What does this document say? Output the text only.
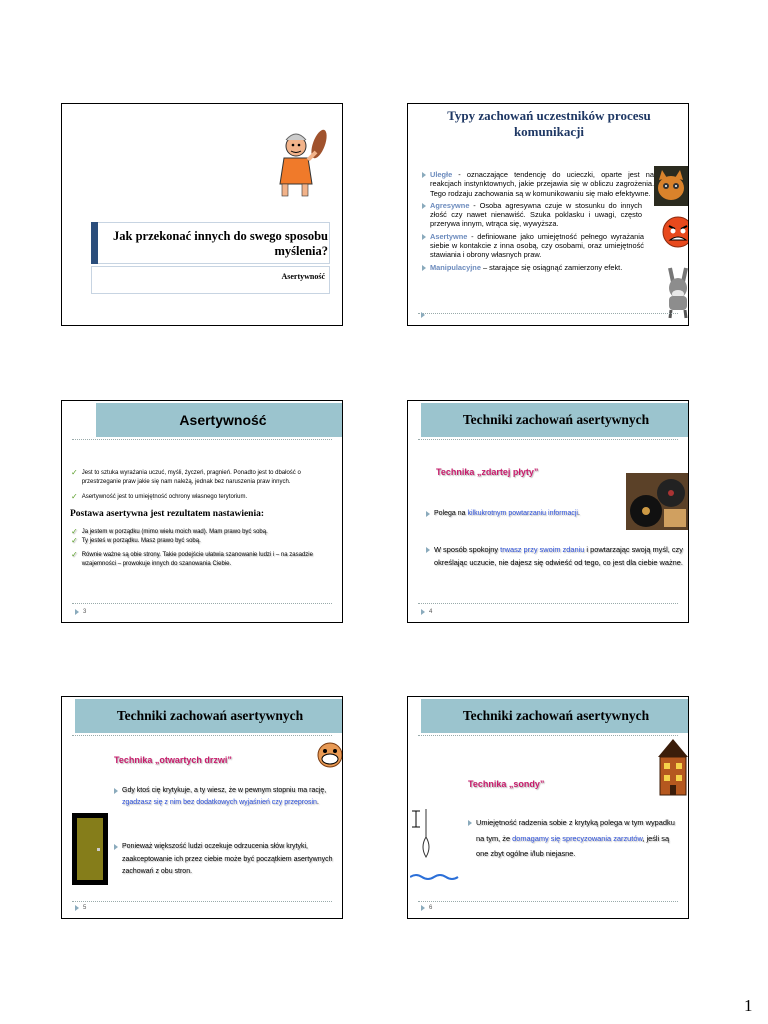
Jak przekonać innych do swego sposobu myślenia?
Asertywność
Typy zachowań uczestników procesu komunikacji
Uległe - oznaczające tendencję do ucieczki, oparte jest na reakcjach instynktownych, jakie przejawia się w obliczu zagrożenia. Tego rodzaju zachowania są w komunikowaniu się mało efektywne.
Agresywne - Osoba agresywna czuje w stosunku do innych złość czy nawet nienawiść. Szuka poklasku i uwagi, często przerywa innym, wtrąca się, wywyższa.
Asertywne - definiowane jako umiejętność pełnego wyrażania siebie w kontakcie z inna osobą, czy osobami, oraz umiejętność stawiania i obrony własnych praw.
Manipulacyjne – starające się osiągnąć zamierzony efekt.
Asertywność
✓ Jest to sztuka wyrażania uczuć, myśli, życzeń, pragnień. Ponadto jest to dbałość o przestrzeganie praw jakie się nam należą, jednak bez naruszenia praw innych.
✓ Asertywność jest to umiejętność ochrony własnego terytorium.
Postawa asertywna jest rezultatem nastawienia:
✓ Ja jestem w porządku (mimo wielu moich wad). Mam prawo być sobą.
✓ Ty jesteś w porządku. Masz prawo być sobą.
✓ Równie ważne są obie strony. Takie podejście ułatwia szanowanie ludzi i – na zasadzie wzajemności – prowokuje innych do szanowania Ciebie.
3
Techniki zachowań asertywnych
Technika „zdartej płyty”
Polega na kilkukrotnym powtarzaniu informacji.
W sposób spokojny trwasz przy swoim zdaniu i powtarzając swoją myśl, czy określając uczucie, nie dajesz się odwieść od tego, co jest dla ciebie ważne.
4
Techniki zachowań asertywnych
Technika „otwartych drzwi”
Gdy ktoś cię krytykuje, a ty wiesz, że w pewnym stopniu ma rację, zgadzasz się z nim bez dodatkowych wyjaśnień czy przeprosin.
Ponieważ większość ludzi oczekuje odrzucenia słów krytyki, zaakceptowanie ich przez ciebie może być początkiem asertywnych zachowań z obu stron.
5
Techniki zachowań asertywnych
Technika „sondy”
Umiejętność radzenia sobie z krytyką polega w tym wypadku na tym, że domagamy się sprecyzowania zarzutów, jeśli są one zbyt ogólne i/lub niejasne.
6
1
